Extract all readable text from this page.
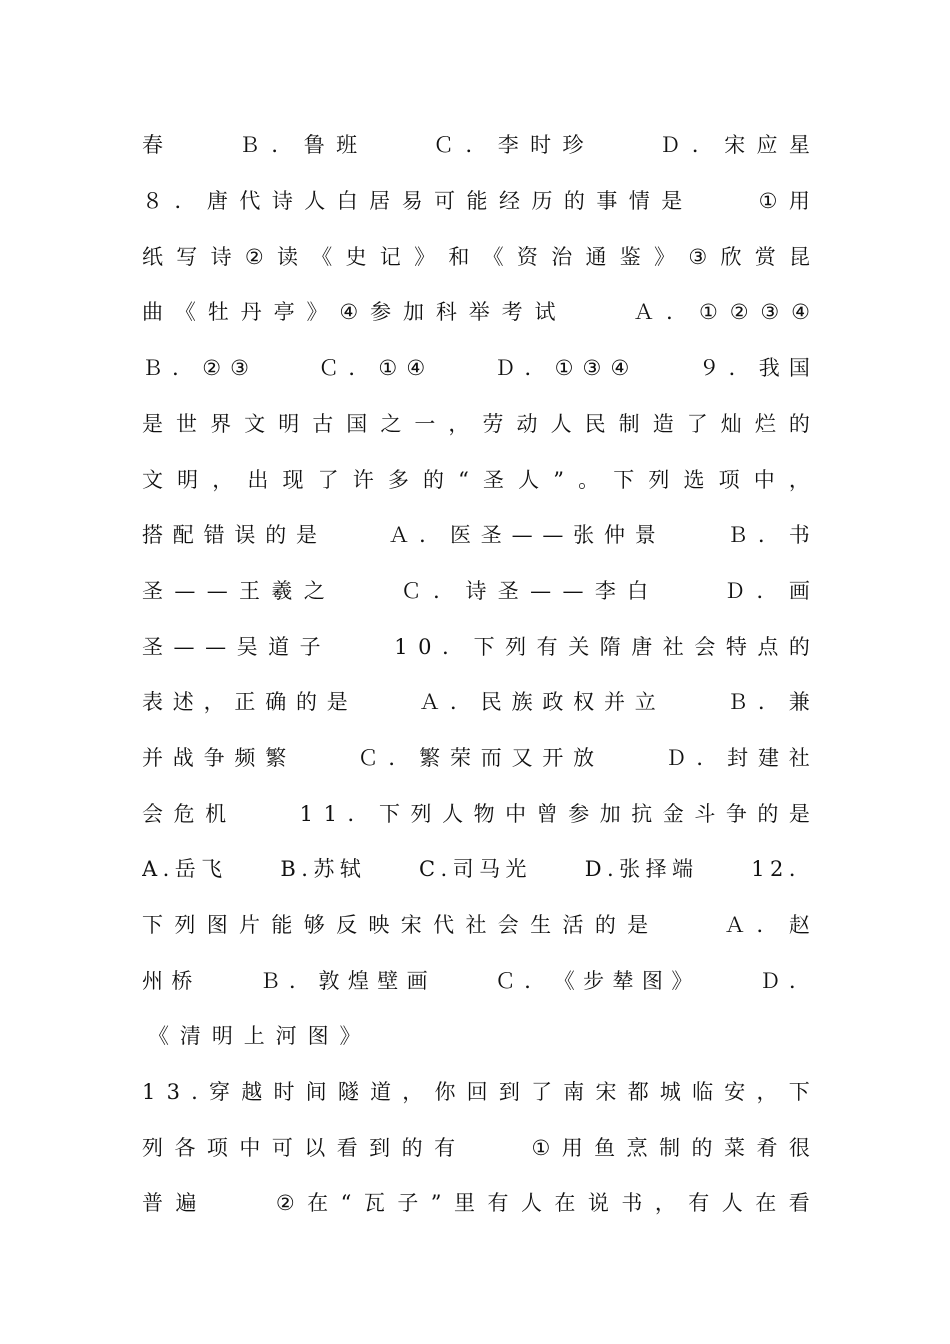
春

　	Ｂ ． 鲁 班

　	Ｃ ． 李 时 珍

　	Ｄ ． 宋 应 星
８ ． 唐 代 诗 人 白 居 易 可 能 经 历 的 事 情 是

　	① 用
纸 写 诗 ② 读 《 史 记 》 和 《 资 治 通 鉴 》 ③ 欣 赏 昆
曲 《 牡 丹 亭 》 ④ 参 加 科 举 考 试

　	Ａ ． ① ② ③ ④
Ｂ ． ② ③

　	Ｃ ． ① ④

　	Ｄ ． ① ③ ④

　	９ ． 我 国
是 世 界 文 明 古 国 之 一 ， 劳 动 人 民 制 造 了 灿 烂 的
文 明 ， 出 现 了 许 多 的 “ 圣 人 ” 。 下 列 选 项 中 ，
搭 配 错 误 的 是

　	Ａ ． 医 圣 — — 张 仲 景

　	Ｂ ． 书
圣 — — 王 羲 之

　	Ｃ ． 诗 圣 — — 李 白

　	Ｄ ． 画
圣 — — 吴 道 子

　	1 0 ． 下 列 有 关 隋 唐 社 会 特 点 的
表 述 ， 正 确 的 是

　	Ａ ． 民 族 政 权 并 立

　	Ｂ ． 兼
并 战 争 频 繁

　	Ｃ ． 繁 荣 而 又 开 放

　	Ｄ ． 封 建 社
会 危 机

　	1 1 ． 下 列 人 物 中 曾 参 加 抗 金 斗 争 的 是
A . 岳 飞

　	B . 苏 轼

　	C . 司 马 光

　	D . 张 择 端

　	1 2 ．
下 列 图 片 能 够 反 映 宋 代 社 会 生 活 的 是

　	Ａ ． 赵
州 桥

　	Ｂ ． 敦 煌 壁 画

　	Ｃ ． 《 步 辇 图 》

　	Ｄ ．
《清明上河图》
1 3 . 穿 越 时 间 隧 道 ， 你 回 到 了 南 宋 都 城 临 安 ， 下
列 各 项 中 可 以 看 到 的 有

　	① 用 鱼 烹 制 的 菜 肴 很
普 遍

　	② 在 “ 瓦 子 ” 里 有 人 在 说 书 ， 有 人 在 看
